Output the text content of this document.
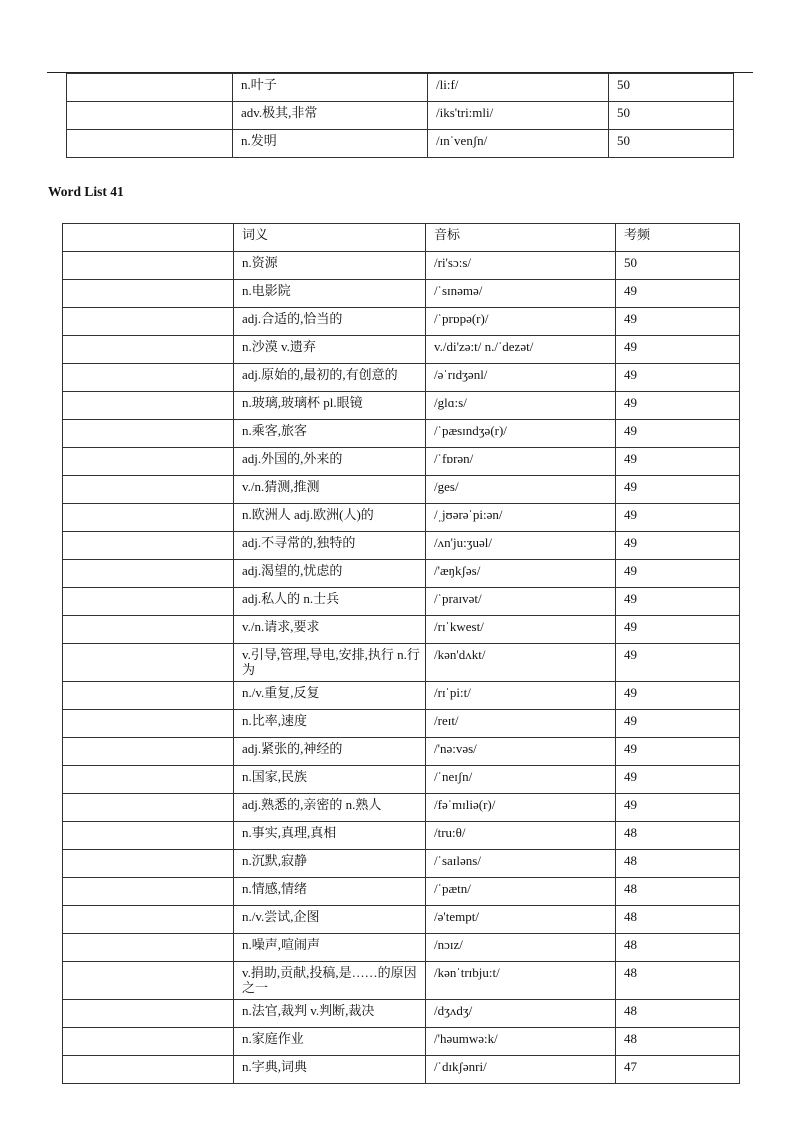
	n.叶子	/li:f/	50
	adv.极其,非常	/iks'tri:mli/	50
	n.发明	/ɪnˈvenʃn/	50
Word List 41
	词义	音标	考频
	n.资源	/ri'sɔ:s/	50
	n.电影院	/ˈsɪnəmə/	49
	adj.合适的,恰当的	/ˈprɒpə(r)/	49
	n.沙漠 v.遗弃	v./di'zə:t/ n./ˈdezət/	49
	adj.原始的,最初的,有创意的	/əˈrɪdʒənl/	49
	n.玻璃,玻璃杯 pl.眼镜	/glɑ:s/	49
	n.乘客,旅客	/ˈpæsɪndʒə(r)/	49
	adj.外国的,外来的	/ˈfɒrən/	49
	v./n.猜测,推测	/ges/	49
	n.欧洲人 adj.欧洲(人)的	/ˌjʊərəˈpi:ən/	49
	adj.不寻常的,独特的	/ʌn'ju:ʒuəl/	49
	adj.渴望的,忧虑的	/'æŋkʃəs/	49
	adj.私人的 n.士兵	/ˈpraɪvət/	49
	v./n.请求,要求	/rɪˈkwest/	49
	v.引导,管理,导电,安排,执行 n.行为	/kən'dʌkt/	49
	n./v.重复,反复	/rɪˈpi:t/	49
	n.比率,速度	/reɪt/	49
	adj.紧张的,神经的	/'nə:vəs/	49
	n.国家,民族	/ˈneɪʃn/	49
	adj.熟悉的,亲密的 n.熟人	/fəˈmɪliə(r)/	49
	n.事实,真理,真相	/tru:θ/	48
	n.沉默,寂静	/ˈsaɪləns/	48
	n.情感,情绪	/ˈpætn/	48
	n./v.尝试,企图	/ə'tempt/	48
	n.噪声,喧闹声	/nɔɪz/	48
	v.捐助,贡献,投稿,是……的原因之一	/kənˈtrɪbju:t/	48
	n.法官,裁判 v.判断,裁决	/dʒʌdʒ/	48
	n.家庭作业	/'həumwə:k/	48
	n.字典,词典	/ˈdɪkʃənri/	47
